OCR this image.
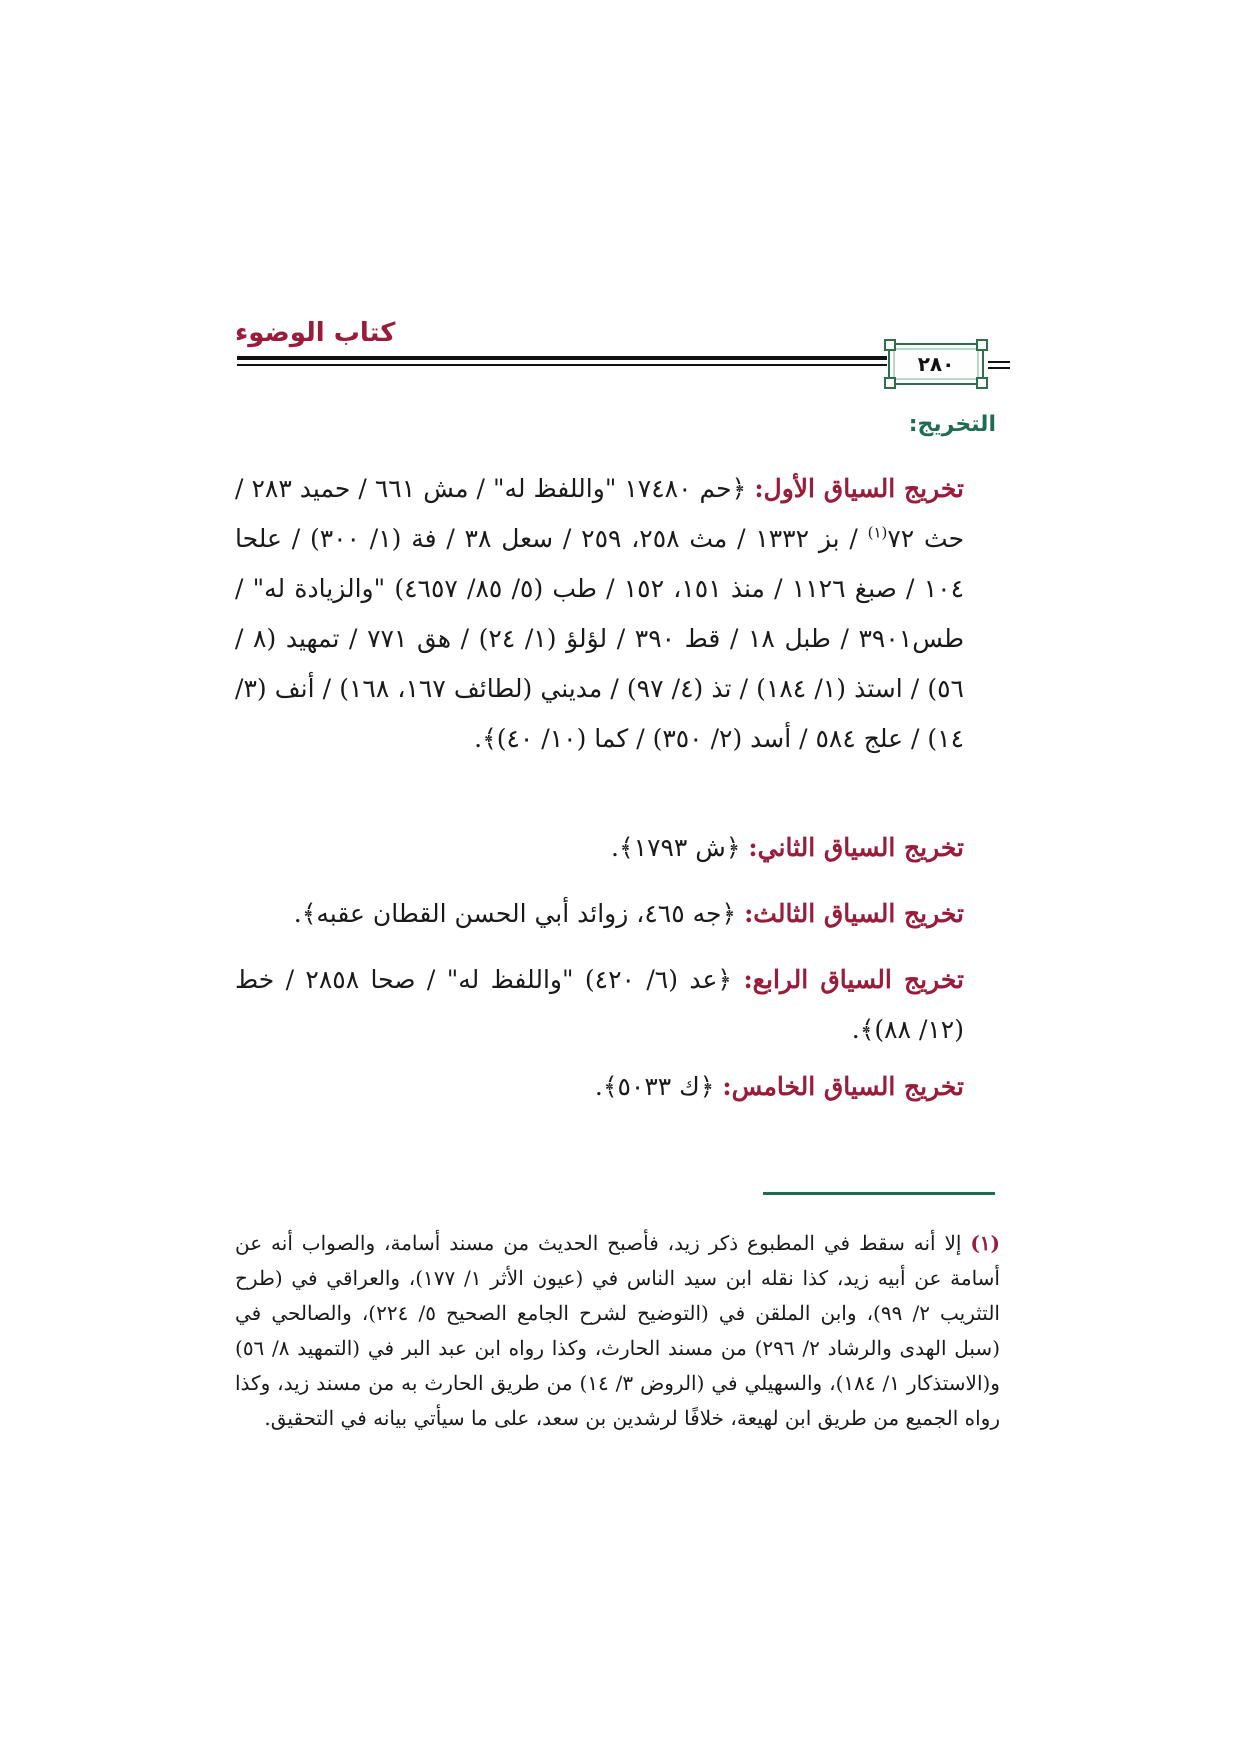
كتاب الوضوء
٢٨٠
التخريج:
تخريج السياق الأول: ﴿حم ١٧٤٨٠ "واللفظ له" / مش ٦٦١ / حميد ٢٨٣ / حث ٧٢$^{(١)}$ / بز ١٣٣٢ / مث ٢٥٨، ٢٥٩ / سعل ٣٨ / فة (١/ ٣٠٠) / علحا ١٠٤ / صبغ ١١٢٦ / منذ ١٥١، ١٥٢ / طب (٥/ ٨٥/ ٤٦٥٧) "والزيادة له" / طس٣٩٠١ / طبل ١٨ / قط ٣٩٠ / لؤلؤ (١/ ٢٤) / هق ٧٧١ / تمهيد (٨ / ٥٦) / استذ (١/ ١٨٤) / تذ (٤/ ٩٧) / مديني (لطائف ١٦٧، ١٦٨) / أنف (٣/ ١٤) / علج ٥٨٤ / أسد (٢/ ٣٥٠) / كما (١٠/ ٤٠)﴾.
تخريج السياق الثاني: ﴿ش ١٧٩٣﴾.
تخريج السياق الثالث: ﴿جه ٤٦٥، زوائد أبي الحسن القطان عقبه﴾.
تخريج السياق الرابع: ﴿عد (٦/ ٤٢٠) "واللفظ له" / صحا ٢٨٥٨ / خط (١٢/ ٨٨)﴾.
تخريج السياق الخامس: ﴿ك ٥٠٣٣﴾.
(١) إلا أنه سقط في المطبوع ذكر زيد، فأصبح الحديث من مسند أسامة، والصواب أنه عن أسامة عن أبيه زيد، كذا نقله ابن سيد الناس في (عيون الأثر ١/ ١٧٧)، والعراقي في (طرح التثريب ٢/ ٩٩)، وابن الملقن في (التوضيح لشرح الجامع الصحيح ٥/ ٢٢٤)، والصالحي في (سبل الهدى والرشاد ٢/ ٢٩٦) من مسند الحارث، وكذا رواه ابن عبد البر في (التمهيد ٨/ ٥٦) و(الاستذكار ١/ ١٨٤)، والسهيلي في (الروض ٣/ ١٤) من طريق الحارث به من مسند زيد، وكذا رواه الجميع من طريق ابن لهيعة، خلافًا لرشدين بن سعد، على ما سيأتي بيانه في التحقيق.
